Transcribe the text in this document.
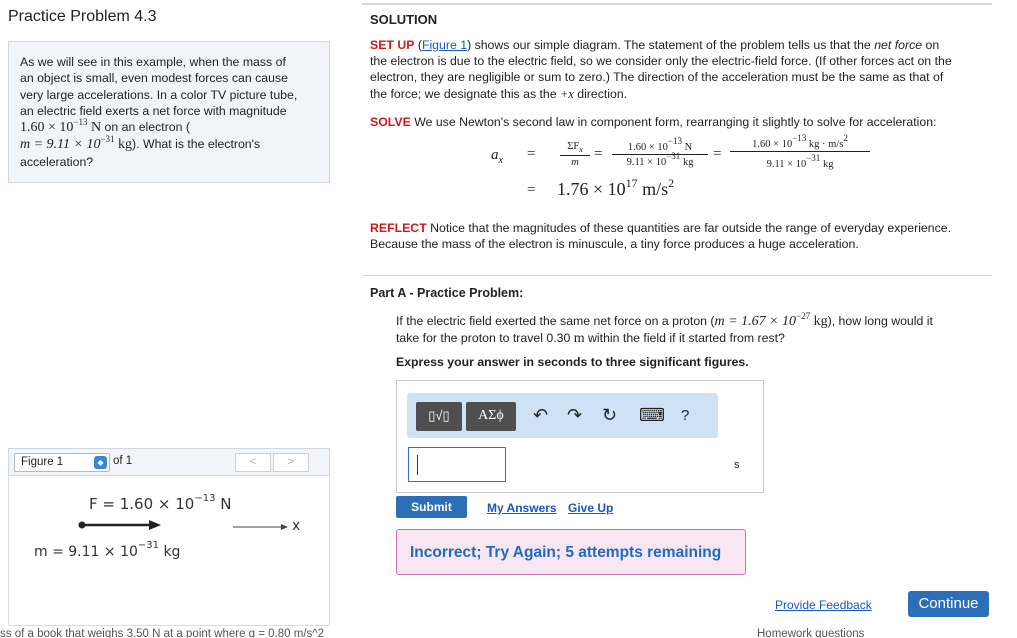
Practice Problem 4.3
As we will see in this example, when the mass of
an object is small, even modest forces can cause
very large accelerations. In a color TV picture tube,
an electric field exerts a net force with magnitude
$1.60 \times 10^{-13}$ N on an electron (
$m = 9.11 \times 10^{-31}$ kg). What is the electron's
acceleration?
Figure 1	◆ of 1	<	>
$F = 1.60 \times 10^{-13}$ N
x
$m = 9.11 \times 10^{-31}$ kg
SOLUTION
SET UP (Figure 1) shows our simple diagram. The statement of the problem tells us that the net force on
the electron is due to the electric field, so we consider only the electric-field force. (If other forces act on the
electron, they are negligible or sum to zero.) The direction of the acceleration must be the same as that of
the force; we designate this as the +x direction.
SOLVE We use Newton's second law in component form, rearranging it slightly to solve for acceleration:
$a_x$ =	$\Sigma F_x$
m
= $\frac{1.60 \times 10^{-13} N}{9.11 \times 10^{-31} kg} = \frac{1.60 \times 10^{-13} kg \cdot m/s^2}{9.11 \times 10^{-31} kg}$
= $1.76 \times 10^{17}$ $m/s^2$
REFLECT Notice that the magnitudes of these quantities are far outside the range of everyday experience.
Because the mass of the electron is minuscule, a tiny force produces a huge acceleration.
Part A - Practice Problem:
If the electric field exerted the same net force on a proton ($m = 1.67 \times 10^{-27}$ kg), how long would it
take for the proton to travel 0.30 m within the field if it started from rest?
Express your answer in seconds to three significant figures.
▯√▯	ΑΣϕ	↶ ↷ ↻ ⌨ ?
s
Submit	My Answers Give Up
Incorrect; Try Again; 5 attempts remaining
Provide Feedback	Continue
ss of a book that weighs 3.50 N at a point where g = 0.80 m/s^2	Homework questions
